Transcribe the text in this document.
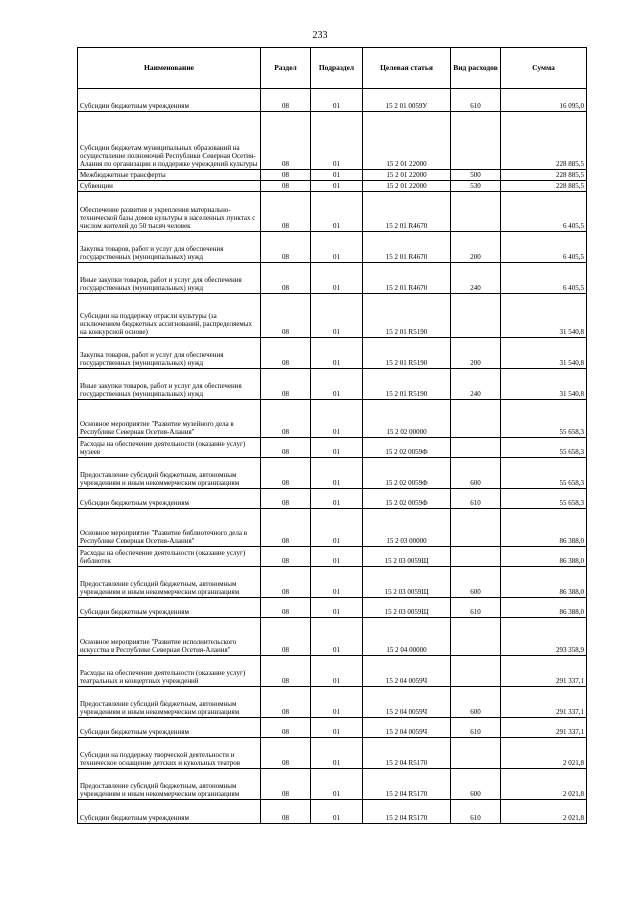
233
Наименование	Раздел	Подраздел	Целевая статья	Вид расходов	Сумма
Субсидии бюджетным учреждениям	08	01	15 2 01 0059У	610	16 095,0
Субсидии бюджетам муниципальных образований на осуществление полномочий Республики Северная Осетия-Алания по организации и поддержке учреждений культуры	08	01	15 2 01 22000		228 885,5
Межбюджетные трансферты	08	01	15 2 01 22000	500	228 885,5
Субвенции	08	01	15 2 01 22000	530	228 885,5
Обеспечение развития и укрепления материально-технической базы домов культуры в населенных пунктах с числом жителей до 50 тысяч человек	08	01	15 2 01 R4670		6 405,5
Закупка товаров, работ и услуг для обеспечения государственных (муниципальных) нужд	08	01	15 2 01 R4670	200	6 405,5
Иные закупки товаров, работ и услуг для обеспечения государственных (муниципальных) нужд	08	01	15 2 01 R4670	240	6 405,5
Субсидии на поддержку отрасли культуры (за исключением бюджетных ассигнований, распределяемых на конкурсной основе)	08	01	15 2 01 R5190		31 540,8
Закупка товаров, работ и услуг для обеспечения государственных (муниципальных) нужд	08	01	15 2 01 R5190	200	31 540,8
Иные закупки товаров, работ и услуг для обеспечения государственных (муниципальных) нужд	08	01	15 2 01 R5190	240	31 540,8
Основное мероприятие "Развитие музейного дела в Республике Северная Осетия-Алания"	08	01	15 2 02 00000		55 658,3
Расходы на обеспечение деятельности (оказание услуг) музеев	08	01	15 2 02 0059Ф		55 658,3
Предоставление субсидий бюджетным, автономным учреждениям и иным некоммерческим организациям	08	01	15 2 02 0059Ф	600	55 658,3
Субсидии бюджетным учреждениям	08	01	15 2 02 0059Ф	610	55 658,3
Основное мероприятие "Развитие библиотечного дела в Республике Северная Осетия-Алания"	08	01	15 2 03 00000		86 388,0
Расходы на обеспечение деятельности (оказание услуг) библиотек	08	01	15 2 03 0059Щ		86 388,0
Предоставление субсидий бюджетным, автономным учреждениям и иным некоммерческим организациям	08	01	15 2 03 0059Щ	600	86 388,0
Субсидии бюджетным учреждениям	08	01	15 2 03 0059Щ	610	86 388,0
Основное мероприятие "Развитие исполнительского искусства в Республике Северная Осетия-Алания"	08	01	15 2 04 00000		293 358,9
Расходы на обеспечение деятельности (оказание услуг) театральных и концертных учреждений	08	01	15 2 04 0059Ч		291 337,1
Предоставление субсидий бюджетным, автономным учреждениям и иным некоммерческим организациям	08	01	15 2 04 0059Ч	600	291 337,1
Субсидии бюджетным учреждениям	08	01	15 2 04 0059Ч	610	291 337,1
Субсидии на поддержку творческой деятельности и техническое оснащение детских и кукольных театров	08	01	15 2 04 R5170		2 021,8
Предоставление субсидий бюджетным, автономным учреждениям и иным некоммерческим организациям	08	01	15 2 04 R5170	600	2 021,8
Субсидии бюджетным учреждениям	08	01	15 2 04 R5170	610	2 021,8
